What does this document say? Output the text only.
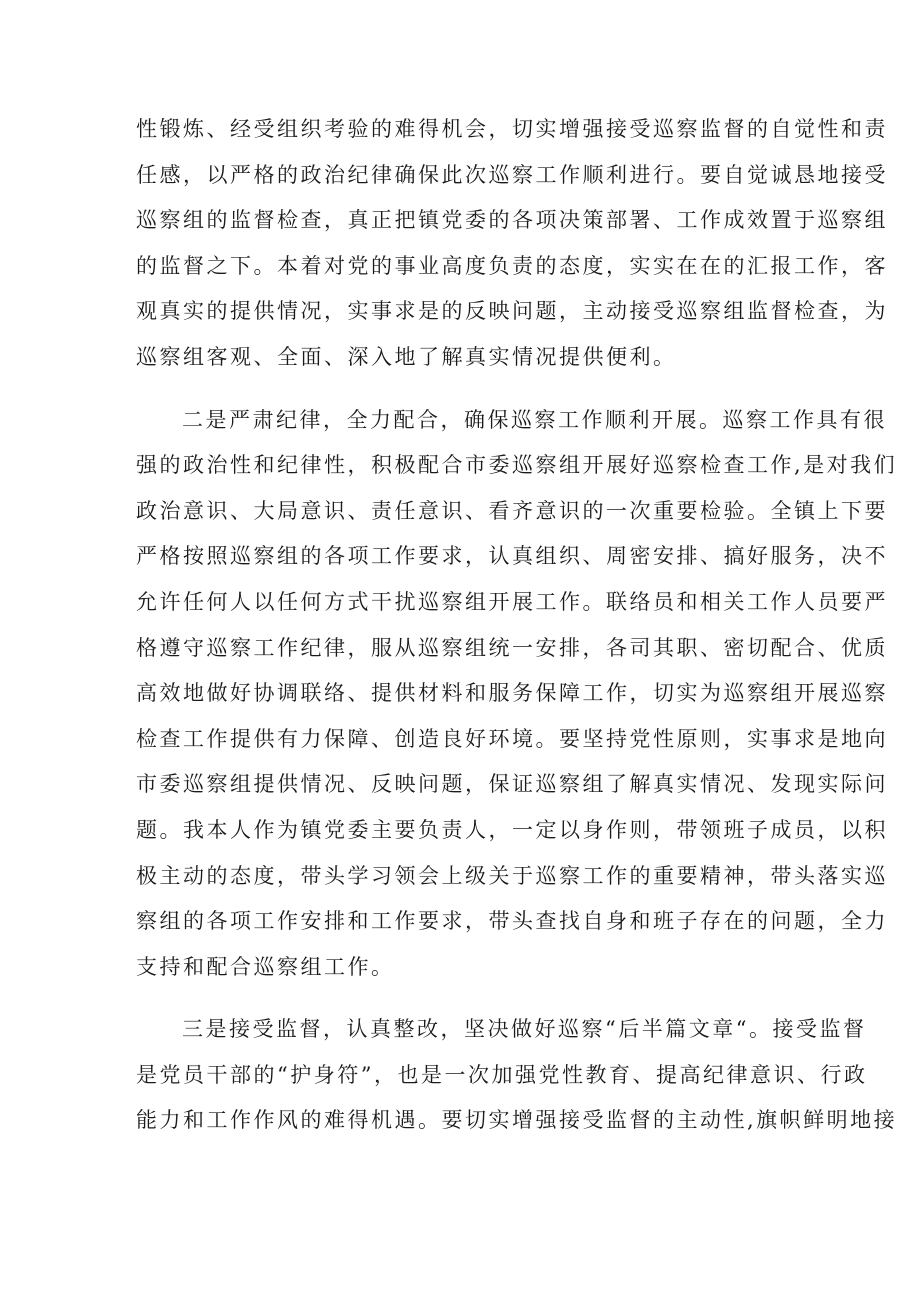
性锻炼、经受组织考验的难得机会，切实增强接受巡察监督的自觉性和责
任感，以严格的政治纪律确保此次巡察工作顺利进行。要自觉诚恳地接受
巡察组的监督检查，真正把镇党委的各项决策部署、工作成效置于巡察组
的监督之下。本着对党的事业高度负责的态度，实实在在的汇报工作，客
观真实的提供情况，实事求是的反映问题，主动接受巡察组监督检查，为
巡察组客观、全面、深入地了解真实情况提供便利。
二是严肃纪律，全力配合，确保巡察工作顺利开展。巡察工作具有很
强的政治性和纪律性，积极配合市委巡察组开展好巡察检查工作,是对我们
政治意识、大局意识、责任意识、看齐意识的一次重要检验。全镇上下要
严格按照巡察组的各项工作要求，认真组织、周密安排、搞好服务，决不
允许任何人以任何方式干扰巡察组开展工作。联络员和相关工作人员要严
格遵守巡察工作纪律，服从巡察组统一安排，各司其职、密切配合、优质
高效地做好协调联络、提供材料和服务保障工作，切实为巡察组开展巡察
检查工作提供有力保障、创造良好环境。要坚持党性原则，实事求是地向
市委巡察组提供情况、反映问题，保证巡察组了解真实情况、发现实际问
题。我本人作为镇党委主要负责人，一定以身作则，带领班子成员，以积
极主动的态度，带头学习领会上级关于巡察工作的重要精神，带头落实巡
察组的各项工作安排和工作要求，带头查找自身和班子存在的问题，全力
支持和配合巡察组工作。
三是接受监督，认真整改，坚决做好巡察“后半篇文章“。接受监督
是党员干部的“护身符”，也是一次加强党性教育、提高纪律意识、行政
能力和工作作风的难得机遇。要切实增强接受监督的主动性,旗帜鲜明地接
